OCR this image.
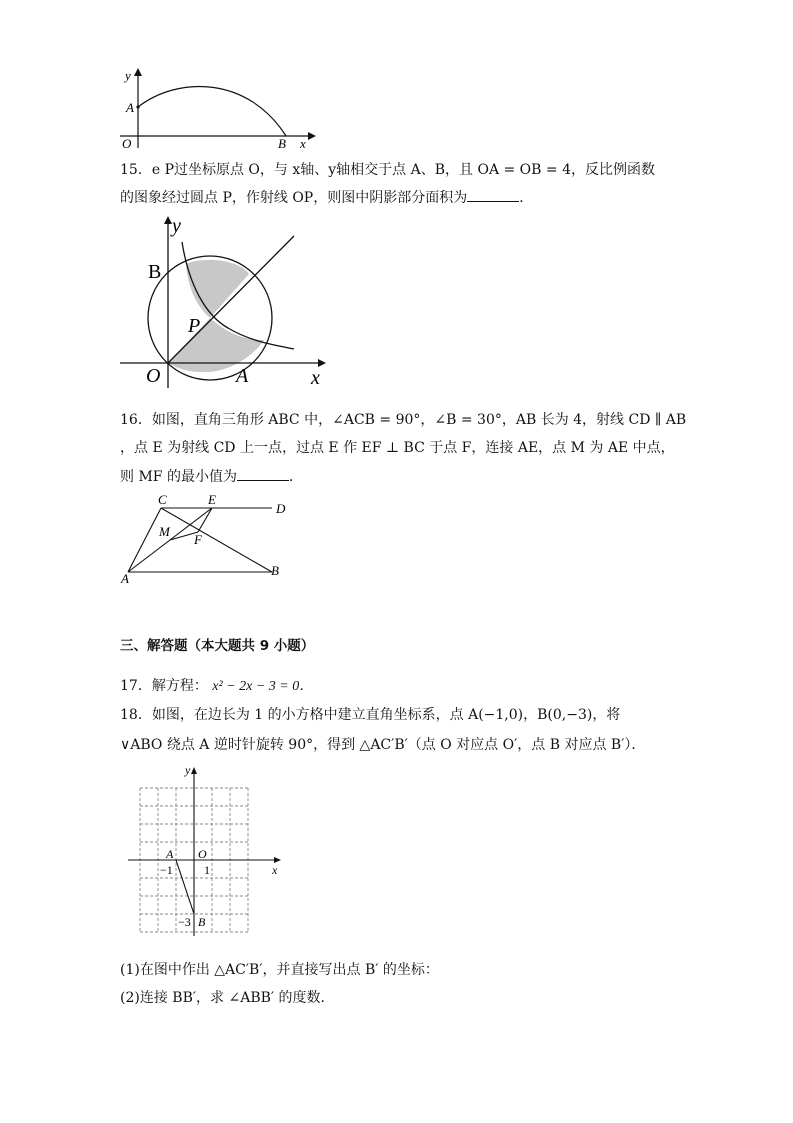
y
A
O	B x
15．e P过坐标原点 O，与 x轴、y轴相交于点 A、B，且 OA = OB = 4，反比例函数
的图象经过圆点 P，作射线 OP，则图中阴影部分面积为	．
y
B
P
O	A	x
16．如图，直角三角形 ABC 中，∠ACB = 90°，∠B = 30°，AB 长为 4，射线 CD ∥ AB
，点 E 为射线 CD 上一点，过点 E 作 EF ⊥ BC 于点 F，连接 AE，点 M 为 AE 中点，
则 MF 的最小值为	．
C	E
D
M
F
A
B
三、解答题（本大题共 9 小题）
17．解方程： x² − 2x − 3 = 0．
18．如图，在边长为 1 的小方格中建立直角坐标系，点 A(−1,0)，B(0,−3)，将
∨ABO 绕点 A 逆时针旋转 90°，得到 △AC′B′（点 O 对应点 O′，点 B 对应点 B′）．
y
x
A O
−1	1
−3 B
(1)在图中作出 △AC′B′，并直接写出点 B′ 的坐标：
(2)连接 BB′，求 ∠ABB′ 的度数．
